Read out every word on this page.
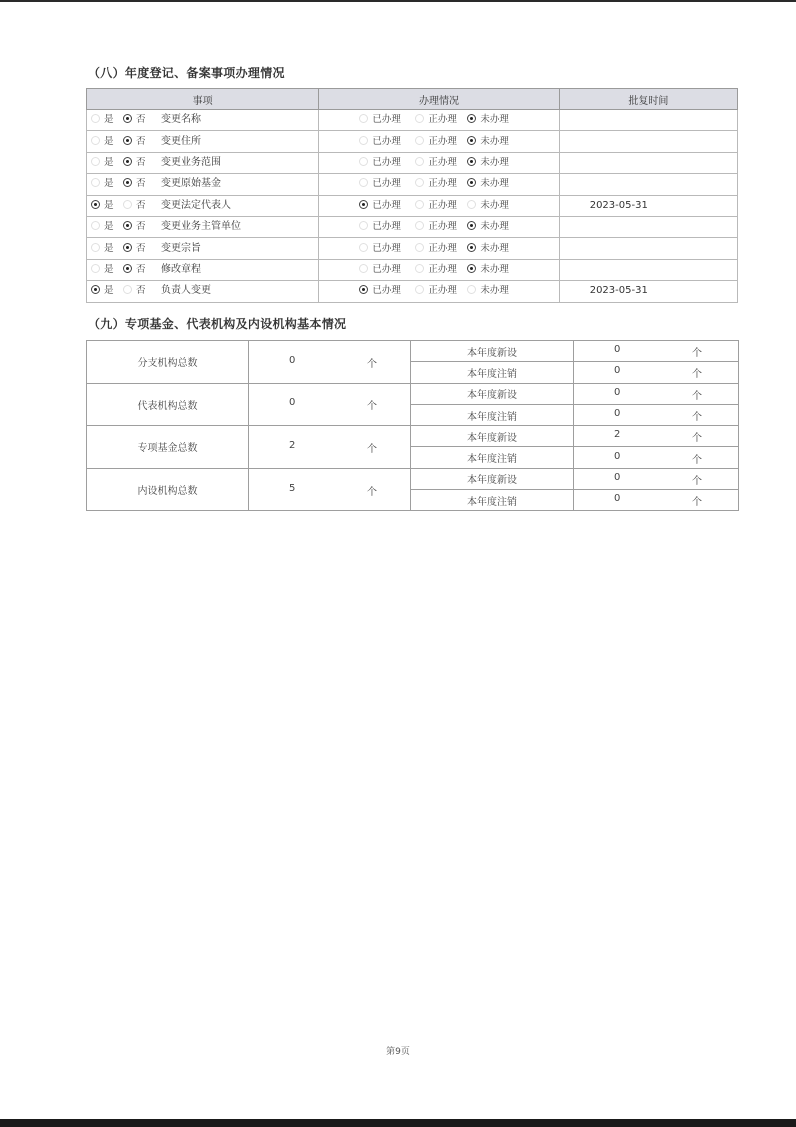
（八）年度登记、备案事项办理情况
事项	办理情况	批复时间

是 否 变更名称	已办理 正办理 未办理	

是 否 变更住所	已办理 正办理 未办理	

是 否 变更业务范围	已办理 正办理 未办理	

是 否 变更原始基金	已办理 正办理 未办理	

是 否 变更法定代表人	已办理 正办理 未办理	2023-05-31

是 否 变更业务主管单位	已办理 正办理 未办理	

是 否 变更宗旨	已办理 正办理 未办理	

是 否 修改章程	已办理 正办理 未办理	

是 否 负责人变更	已办理 正办理 未办理	2023-05-31
（九）专项基金、代表机构及内设机构基本情况
分支机构总数	0 个	本年度新设	0 个

		本年度注销	0 个

代表机构总数	0 个	本年度新设	0 个

		本年度注销	0 个

专项基金总数	2 个	本年度新设	2 个

		本年度注销	0 个

内设机构总数	5 个	本年度新设	0 个

		本年度注销	0 个
第9页
